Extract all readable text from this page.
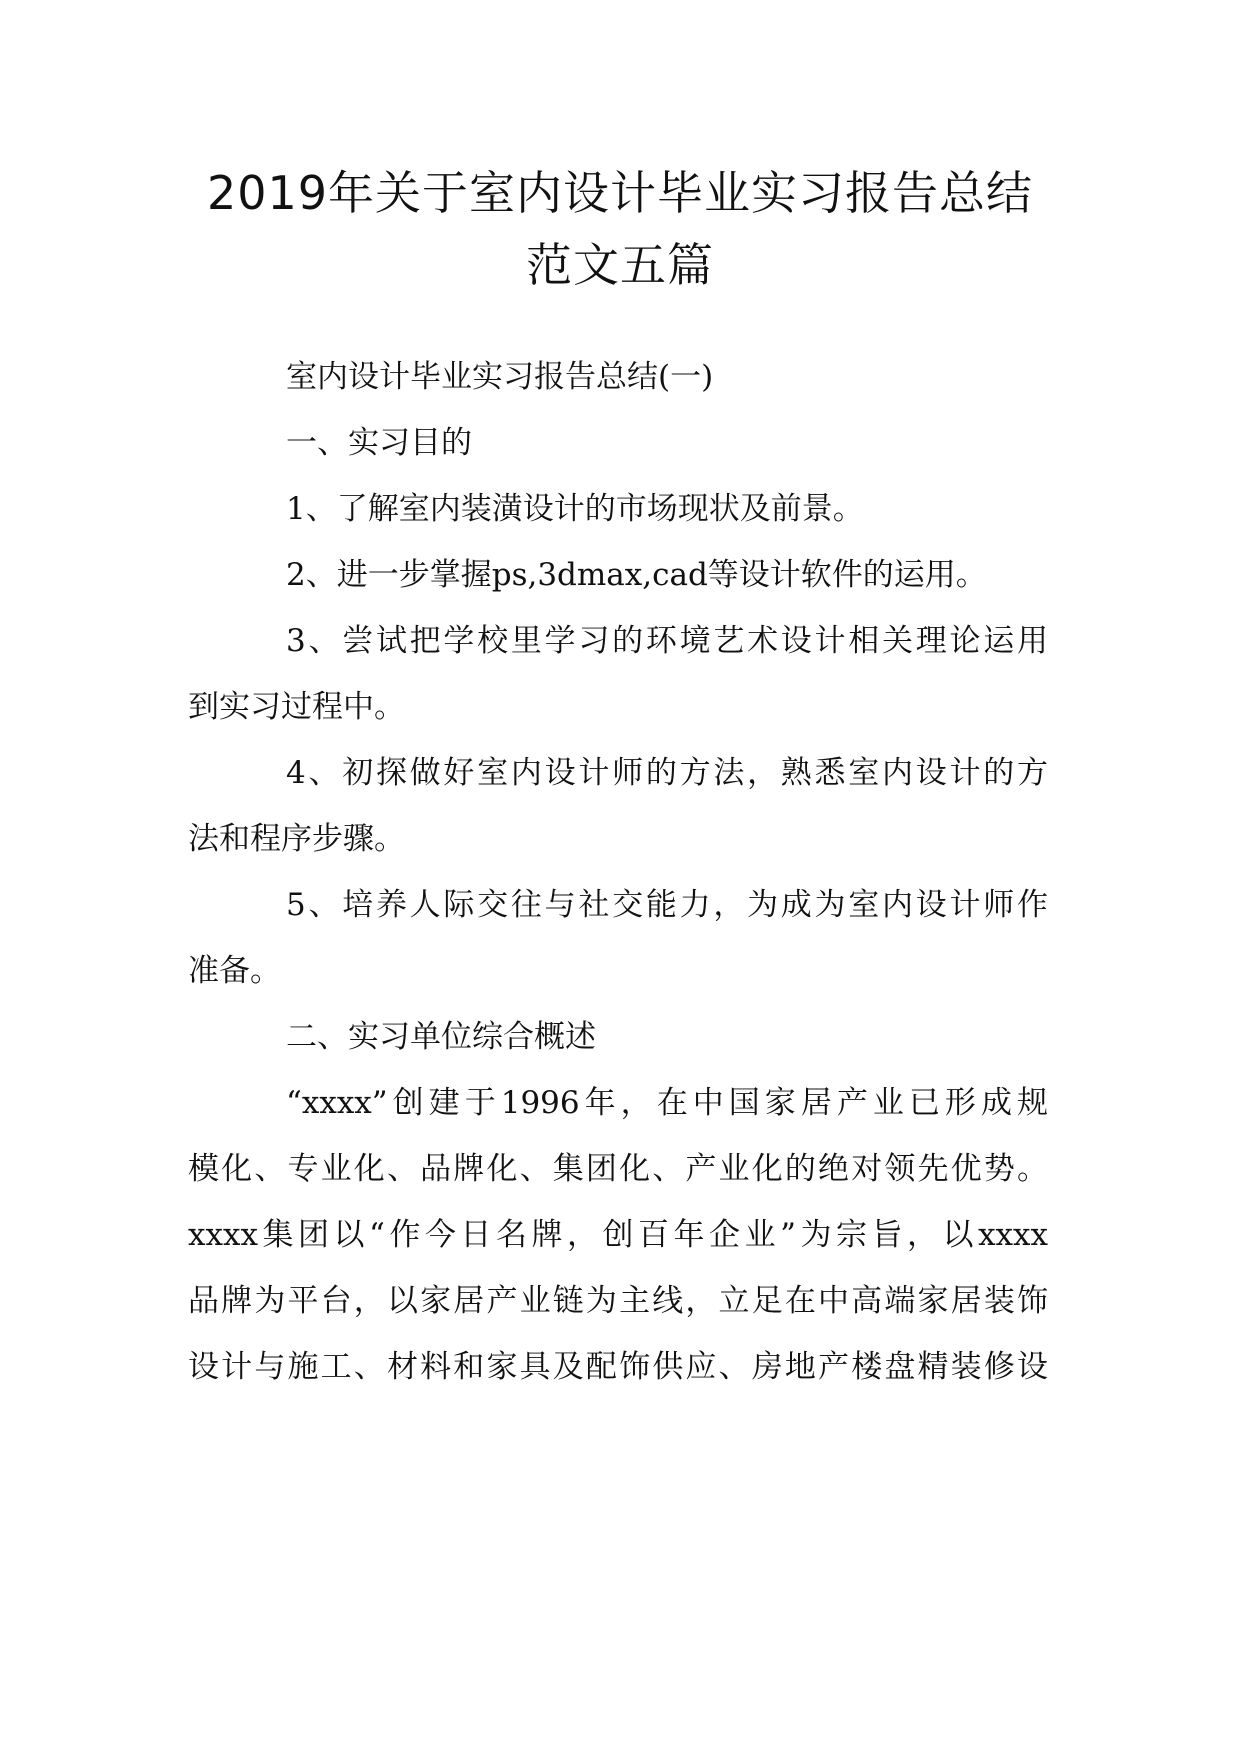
2019年关于室内设计毕业实习报告总结
范文五篇
室内设计毕业实习报告总结(一)
一、实习目的
1、了解室内装潢设计的市场现状及前景。
2、进一步掌握ps,3dmax,cad等设计软件的运用。
3、尝试把学校里学习的环境艺术设计相关理论运用
到实习过程中。
4、初探做好室内设计师的方法，熟悉室内设计的方
法和程序步骤。
5、培养人际交往与社交能力，为成为室内设计师作
准备。
二、实习单位综合概述
“xxxx”创建于1996年，在中国家居产业已形成规
模化、专业化、品牌化、集团化、产业化的绝对领先优势。
xxxx集团以“作今日名牌，创百年企业”为宗旨，以xxxx
品牌为平台，以家居产业链为主线，立足在中高端家居装饰
设计与施工、材料和家具及配饰供应、房地产楼盘精装修设
